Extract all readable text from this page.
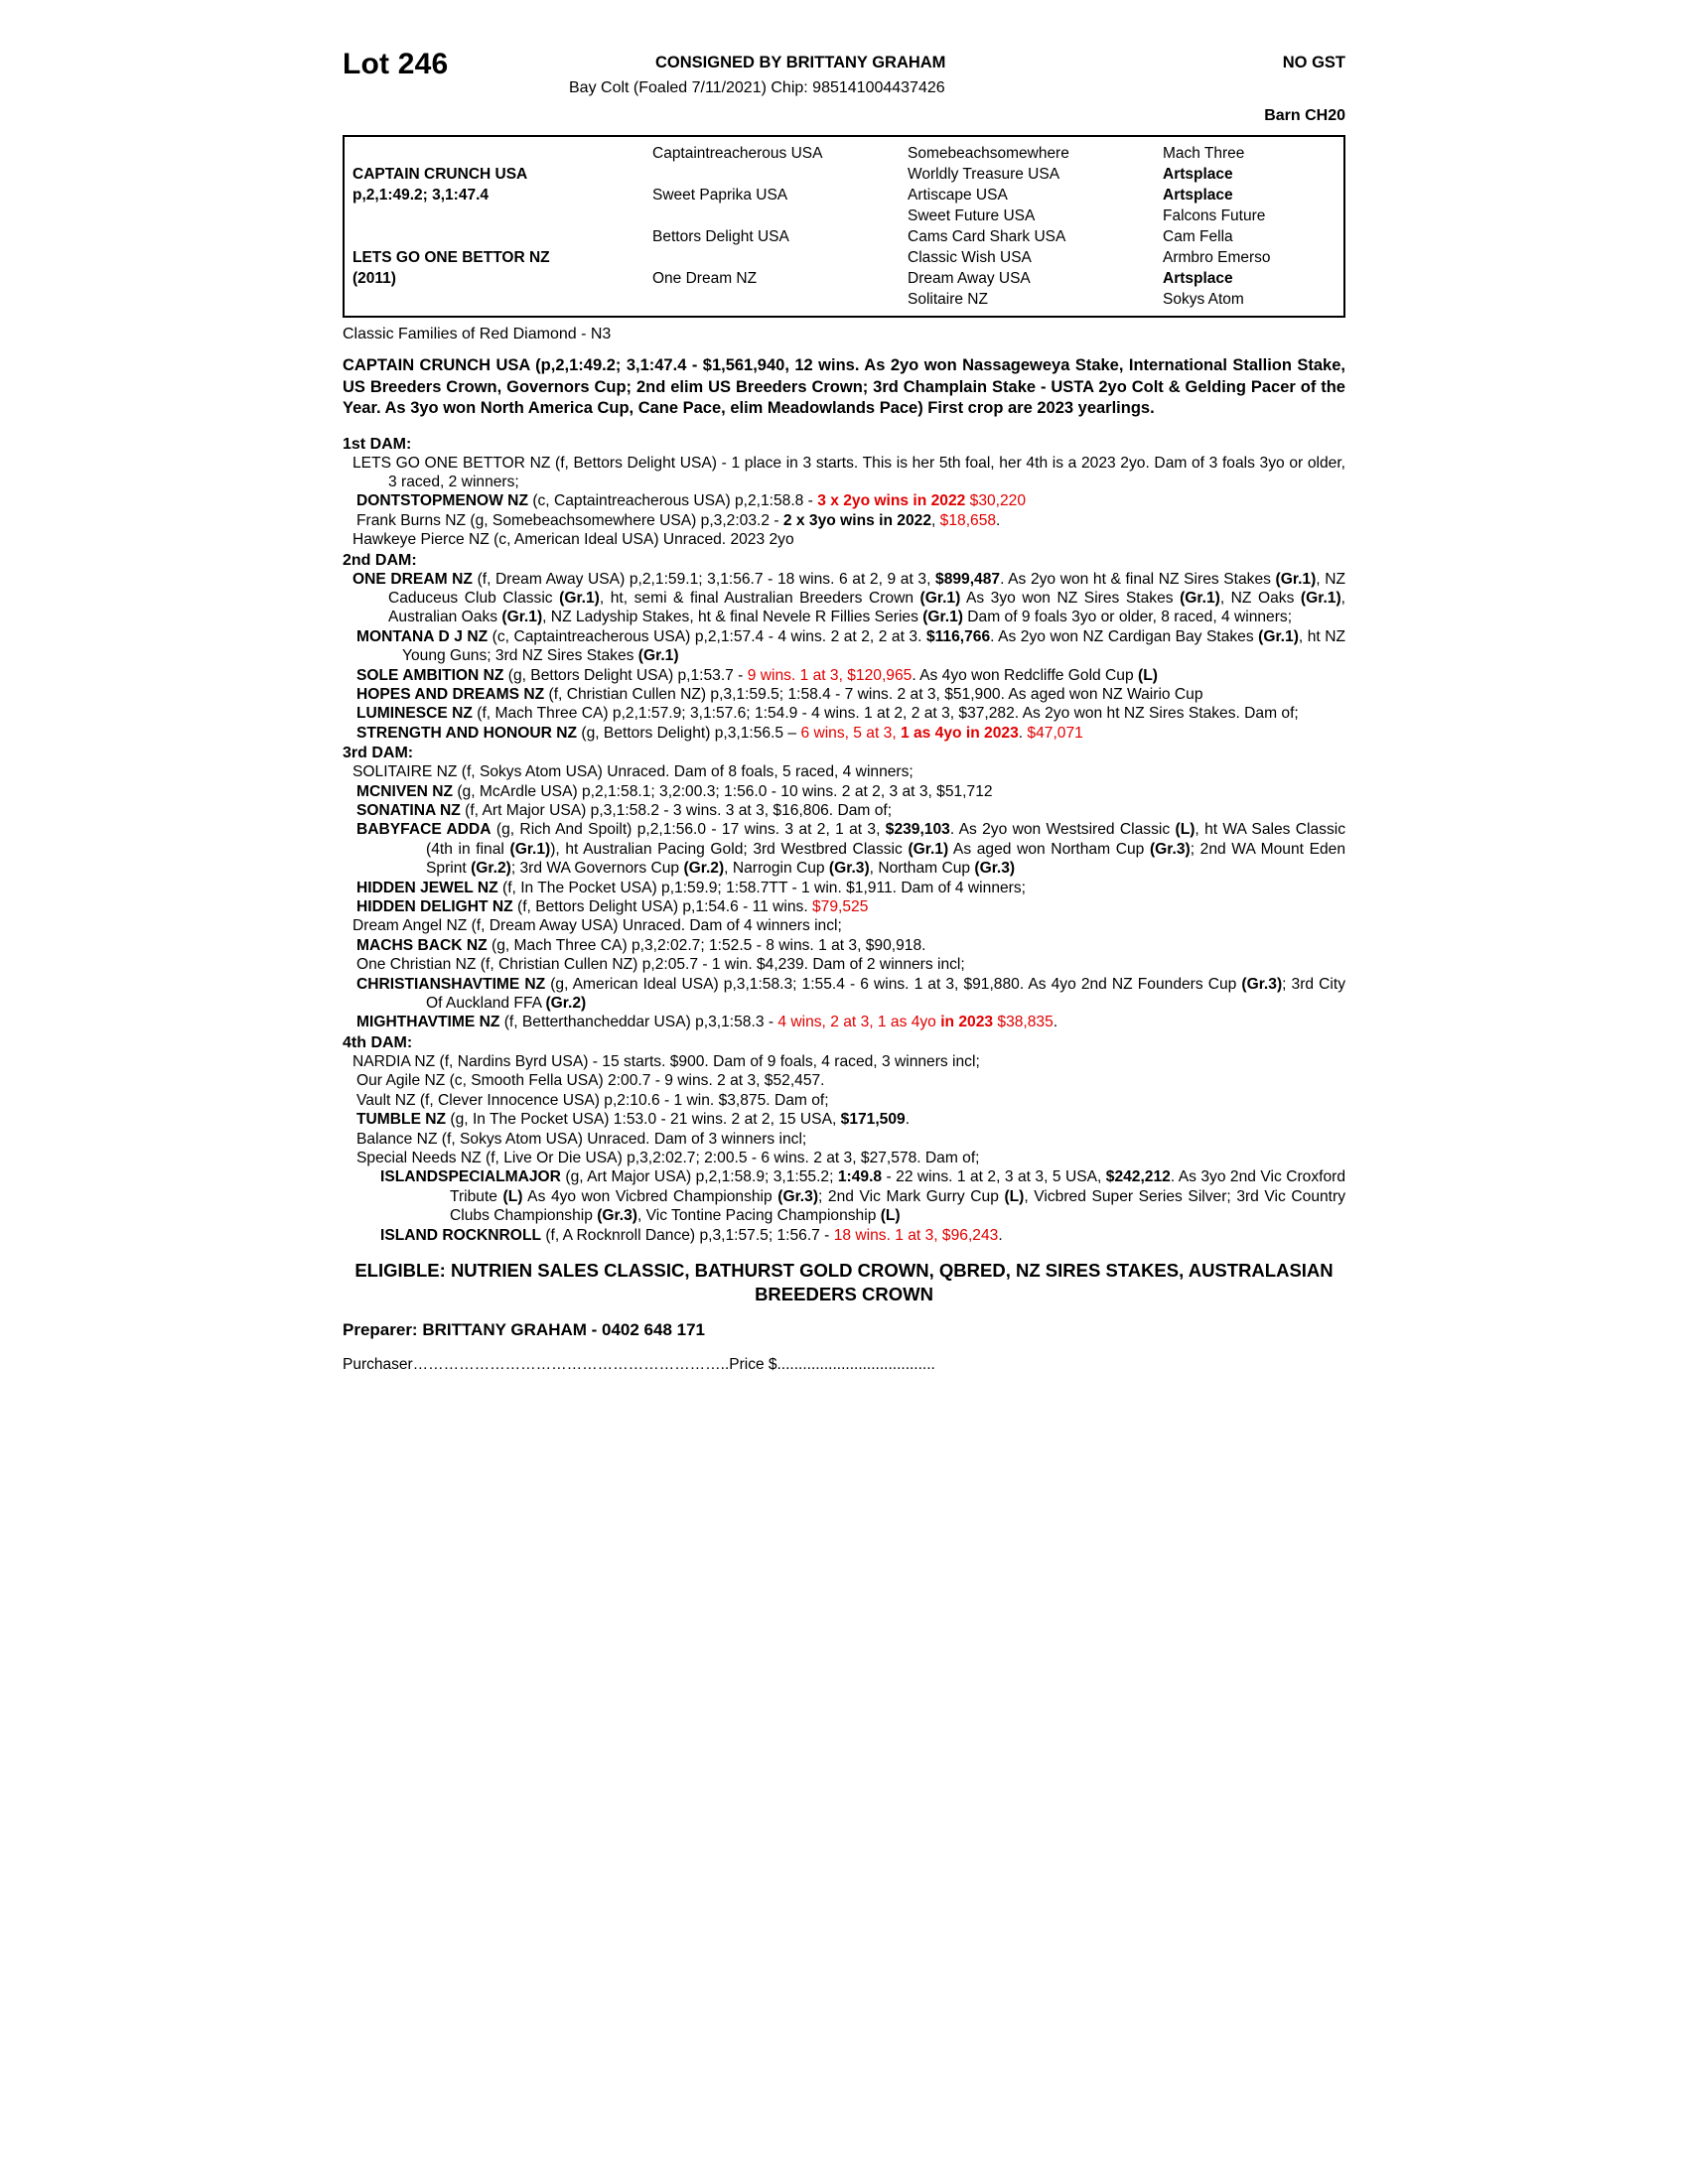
Lot 246	CONSIGNED BY BRITTANY GRAHAM	NO GST
Bay Colt (Foaled 7/11/2021) Chip: 985141004437426
Barn CH20
	Captaintreacherous USA	Somebeachsomewhere	Mach Three
CAPTAIN CRUNCH USA		Worldly Treasure USA	Artsplace
p,2,1:49.2; 3,1:47.4	Sweet Paprika USA	Artiscape USA	Artsplace
		Sweet Future USA	Falcons Future
	Bettors Delight USA	Cams Card Shark USA	Cam Fella
LETS GO ONE BETTOR NZ		Classic Wish USA	Armbro Emerso
(2011)	One Dream NZ	Dream Away USA	Artsplace
		Solitaire NZ	Sokys Atom
Classic Families of Red Diamond - N3
CAPTAIN CRUNCH USA (p,2,1:49.2; 3,1:47.4 - $1,561,940, 12 wins. As 2yo won Nassageweya Stake, International Stallion Stake, US Breeders Crown, Governors Cup; 2nd elim US Breeders Crown; 3rd Champlain Stake - USTA 2yo Colt & Gelding Pacer of the Year. As 3yo won North America Cup, Cane Pace, elim Meadowlands Pace) First crop are 2023 yearlings.
1st DAM:

LETS GO ONE BETTOR NZ (f, Bettors Delight USA) - 1 place in 3 starts. This is her 5th foal, her 4th is a 2023 2yo. Dam of 3 foals 3yo or older, 3 raced, 2 winners;

DONTSTOPMENOW NZ (c, Captaintreacherous USA) p,2,1:58.8 - 3 x 2yo wins in 2022 $30,220

Frank Burns NZ (g, Somebeachsomewhere USA) p,3,2:03.2 - 2 x 3yo wins in 2022, $18,658.

Hawkeye Pierce NZ (c, American Ideal USA) Unraced. 2023 2yo

2nd DAM:

ONE DREAM NZ (f, Dream Away USA) p,2,1:59.1; 3,1:56.7 - 18 wins. 6 at 2, 9 at 3, $899,487. As 2yo won ht & final NZ Sires Stakes (Gr.1), NZ Caduceus Club Classic (Gr.1), ht, semi & final Australian Breeders Crown (Gr.1) As 3yo won NZ Sires Stakes (Gr.1), NZ Oaks (Gr.1), Australian Oaks (Gr.1), NZ Ladyship Stakes, ht & final Nevele R Fillies Series (Gr.1) Dam of 9 foals 3yo or older, 8 raced, 4 winners;

MONTANA D J NZ (c, Captaintreacherous USA) p,2,1:57.4 - 4 wins. 2 at 2, 2 at 3. $116,766. As 2yo won NZ Cardigan Bay Stakes (Gr.1), ht NZ Young Guns; 3rd NZ Sires Stakes (Gr.1)

SOLE AMBITION NZ (g, Bettors Delight USA) p,1:53.7 - 9 wins. 1 at 3, $120,965. As 4yo won Redcliffe Gold Cup (L)

HOPES AND DREAMS NZ (f, Christian Cullen NZ) p,3,1:59.5; 1:58.4 - 7 wins. 2 at 3, $51,900. As aged won NZ Wairio Cup

LUMINESCE NZ (f, Mach Three CA) p,2,1:57.9; 3,1:57.6; 1:54.9 - 4 wins. 1 at 2, 2 at 3, $37,282. As 2yo won ht NZ Sires Stakes. Dam of;

STRENGTH AND HONOUR NZ (g, Bettors Delight) p,3,1:56.5 – 6 wins, 5 at 3, 1 as 4yo in 2023. $47,071

3rd DAM:

SOLITAIRE NZ (f, Sokys Atom USA) Unraced. Dam of 8 foals, 5 raced, 4 winners;

MCNIVEN NZ (g, McArdle USA) p,2,1:58.1; 3,2:00.3; 1:56.0 - 10 wins. 2 at 2, 3 at 3, $51,712

SONATINA NZ (f, Art Major USA) p,3,1:58.2 - 3 wins. 3 at 3, $16,806. Dam of;

BABYFACE ADDA (g, Rich And Spoilt) p,2,1:56.0 - 17 wins. 3 at 2, 1 at 3, $239,103. As 2yo won Westsired Classic (L), ht WA Sales Classic (4th in final (Gr.1)), ht Australian Pacing Gold; 3rd Westbred Classic (Gr.1) As aged won Northam Cup (Gr.3); 2nd WA Mount Eden Sprint (Gr.2); 3rd WA Governors Cup (Gr.2), Narrogin Cup (Gr.3), Northam Cup (Gr.3)

HIDDEN JEWEL NZ (f, In The Pocket USA) p,1:59.9; 1:58.7TT - 1 win. $1,911. Dam of 4 winners;

HIDDEN DELIGHT NZ (f, Bettors Delight USA) p,1:54.6 - 11 wins. $79,525

Dream Angel NZ (f, Dream Away USA) Unraced. Dam of 4 winners incl;

MACHS BACK NZ (g, Mach Three CA) p,3,2:02.7; 1:52.5 - 8 wins. 1 at 3, $90,918.

One Christian NZ (f, Christian Cullen NZ) p,2:05.7 - 1 win. $4,239. Dam of 2 winners incl;

CHRISTIANSHAVTIME NZ (g, American Ideal USA) p,3,1:58.3; 1:55.4 - 6 wins. 1 at 3, $91,880. As 4yo 2nd NZ Founders Cup (Gr.3); 3rd City Of Auckland FFA (Gr.2)

MIGHTHAVTIME NZ (f, Betterthancheddar USA) p,3,1:58.3 - 4 wins, 2 at 3, 1 as 4yo in 2023 $38,835.

4th DAM:

NARDIA NZ (f, Nardins Byrd USA) - 15 starts. $900. Dam of 9 foals, 4 raced, 3 winners incl;

Our Agile NZ (c, Smooth Fella USA) 2:00.7 - 9 wins. 2 at 3, $52,457.

Vault NZ (f, Clever Innocence USA) p,2:10.6 - 1 win. $3,875. Dam of;

TUMBLE NZ (g, In The Pocket USA) 1:53.0 - 21 wins. 2 at 2, 15 USA, $171,509.

Balance NZ (f, Sokys Atom USA) Unraced. Dam of 3 winners incl;

Special Needs NZ (f, Live Or Die USA) p,3,2:02.7; 2:00.5 - 6 wins. 2 at 3, $27,578. Dam of;

ISLANDSPECIALMAJOR (g, Art Major USA) p,2,1:58.9; 3,1:55.2; 1:49.8 - 22 wins. 1 at 2, 3 at 3, 5 USA, $242,212. As 3yo 2nd Vic Croxford Tribute (L) As 4yo won Vicbred Championship (Gr.3); 2nd Vic Mark Gurry Cup (L), Vicbred Super Series Silver; 3rd Vic Country Clubs Championship (Gr.3), Vic Tontine Pacing Championship (L)

ISLAND ROCKNROLL (f, A Rocknroll Dance) p,3,1:57.5; 1:56.7 - 18 wins. 1 at 3, $96,243.

ELIGIBLE: NUTRIEN SALES CLASSIC, BATHURST GOLD CROWN, QBRED, NZ SIRES STAKES, AUSTRALASIAN BREEDERS CROWN
Preparer: BRITTANY GRAHAM - 0402 648 171
Purchaser……………………………………………………..Price $.....................................
